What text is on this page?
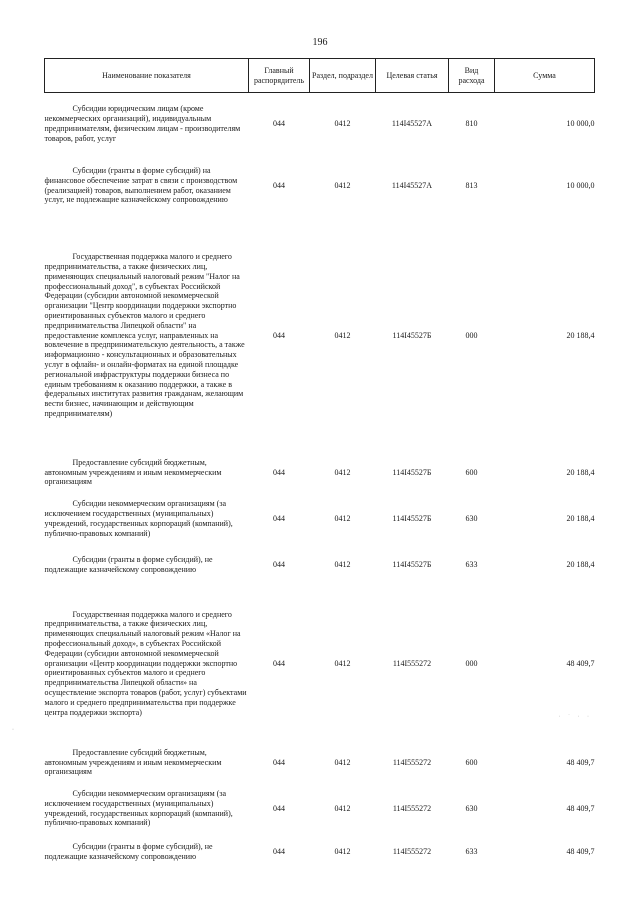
196
Наименование показателя	Главный распорядитель	Раздел, подраздел	Целевая статья	Вид расхода	Сумма

Субсидии юридическим лицам (кроме некоммерческих организаций), индивидуальным предпринимателям, физическим лицам - производителям товаров, работ, услуг	044	0412	114I45527A	810	10 000,0

Субсидии (гранты в форме субсидий) на финансовое обеспечение затрат в связи с производством (реализацией) товаров, выполнением работ, оказанием услуг, не подлежащие казначейскому сопровождению	044	0412	114I45527A	813	10 000,0

Государственная поддержка малого и среднего предпринимательства, а также физических лиц, применяющих специальный налоговый режим "Налог на профессиональный доход", в субъектах Российской Федерации (субсидии автономной некоммерческой организации "Центр координации поддержки экспортно ориентированных субъектов малого и среднего предпринимательства Липецкой области" на предоставление комплекса услуг, направленных на вовлечение в предпринимательскую деятельность, а также информационно - консультационных и образовательных услуг в офлайн- и онлайн-форматах на единой площадке региональной инфраструктуры поддержки бизнеса по единым требованиям к оказанию поддержки, а также в федеральных институтах развития гражданам, желающим вести бизнес, начинающим и действующим предпринимателям)	044	0412	114I45527Б	000	20 188,4

Предоставление субсидий бюджетным, автономным учреждениям и иным некоммерческим организациям	044	0412	114I45527Б	600	20 188,4

Субсидии некоммерческим организациям (за исключением государственных (муниципальных) учреждений, государственных корпораций (компаний), публично-правовых компаний)	044	0412	114I45527Б	630	20 188,4

Субсидии (гранты в форме субсидий), не подлежащие казначейскому сопровождению	044	0412	114I45527Б	633	20 188,4

Государственная поддержка малого и среднего предпринимательства, а также физических лиц, применяющих специальный налоговый режим «Налог на профессиональный доход», в субъектах Российской Федерации (субсидии автономной некоммерческой организации «Центр координации поддержки экспортно ориентированных субъектов малого и среднего предпринимательства Липецкой области» на осуществление экспорта товаров (работ, услуг) субъектами малого и среднего предпринимательства при поддержке центра поддержки экспорта)	044	0412	114I555272	000	48 409,7

Предоставление субсидий бюджетным, автономным учреждениям и иным некоммерческим организациям	044	0412	114I555272	600	48 409,7

Субсидии некоммерческим организациям (за исключением государственных (муниципальных) учреждений, государственных корпораций (компаний), публично-правовых компаний)	044	0412	114I555272	630	48 409,7

Субсидии (гранты в форме субсидий), не подлежащие казначейскому сопровождению	044	0412	114I555272	633	48 409,7
· ˙ · ·
·
